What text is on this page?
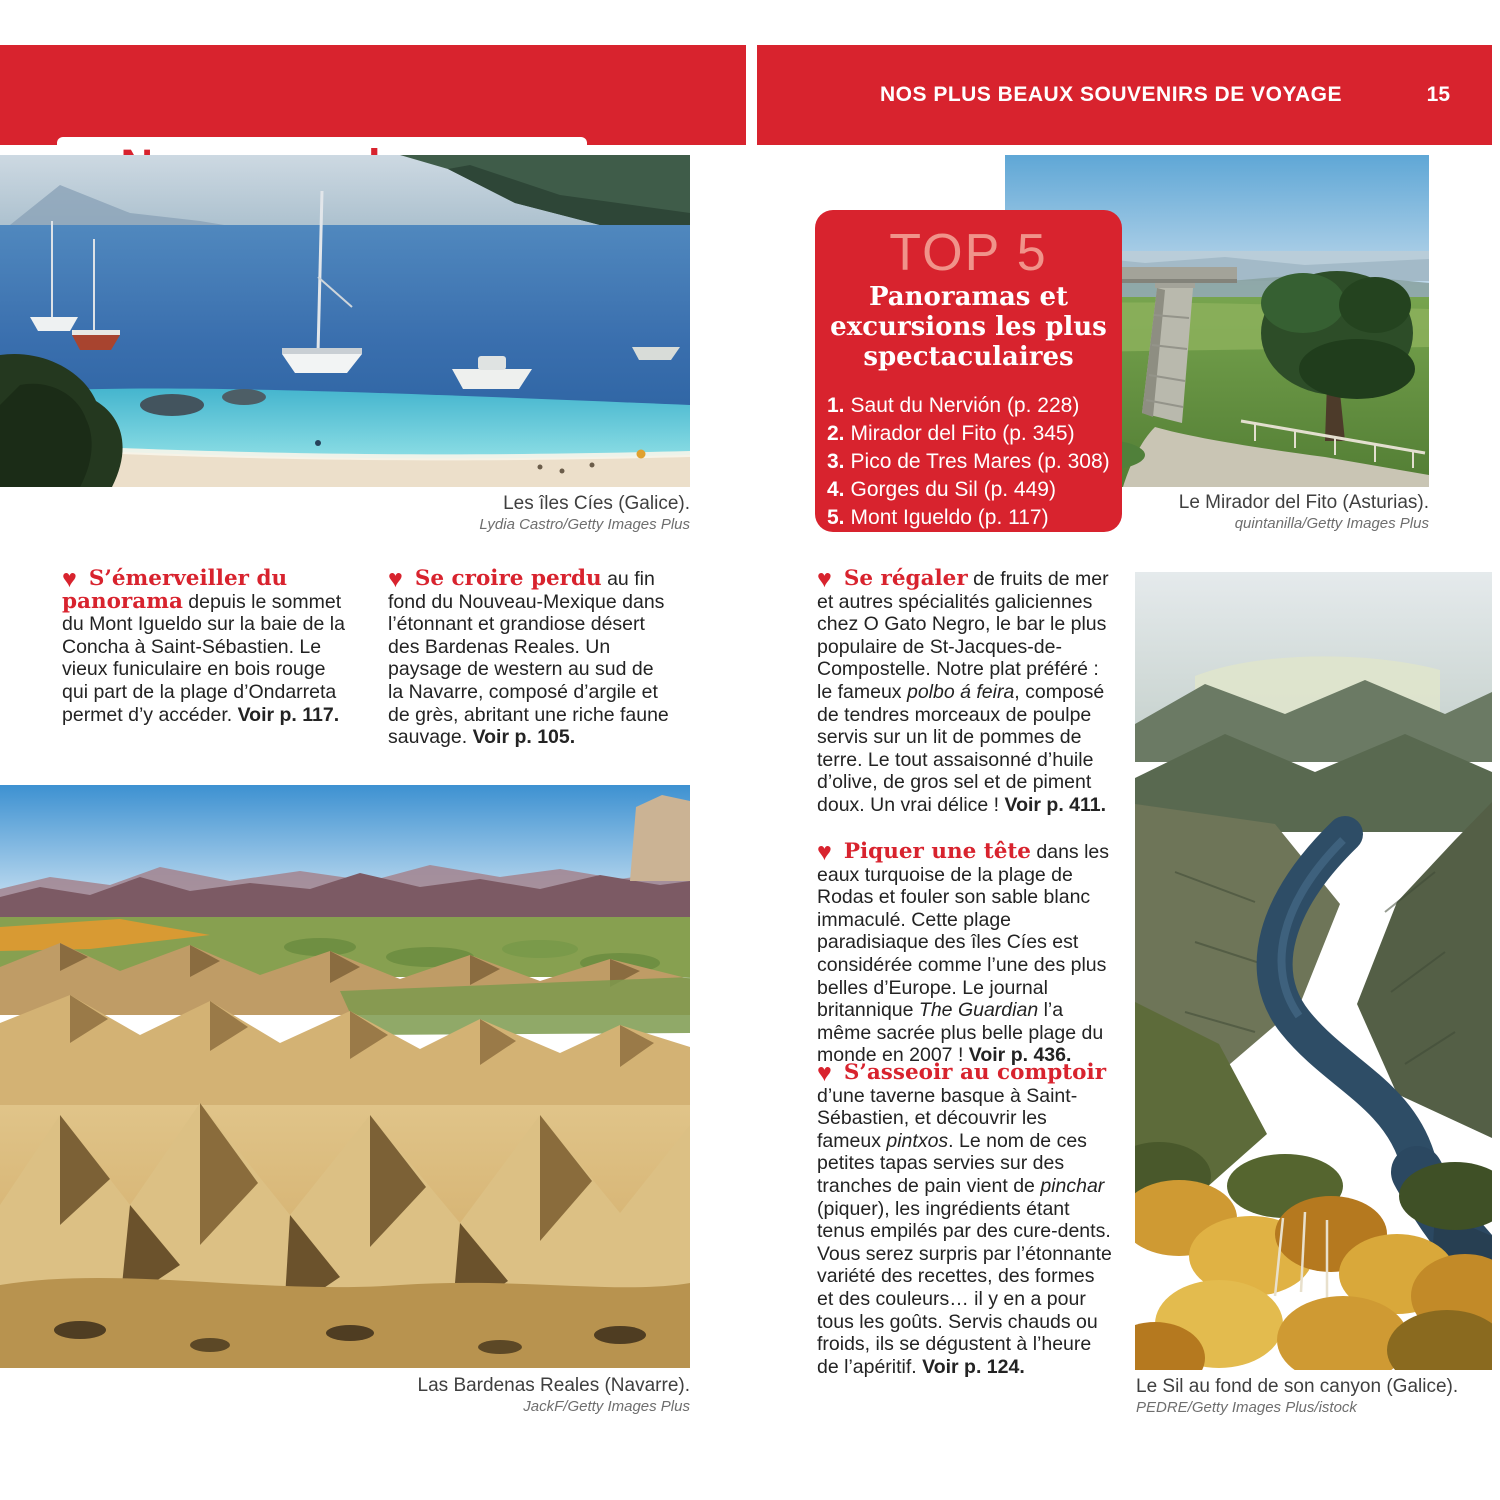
NOS PLUS BEAUX SOUVENIRS DE VOYAGE	15
Les îles Cíes (Galice).
Lydia Castro/Getty Images Plus
Le Mirador del Fito (Asturias).
quintanilla/Getty Images Plus
TOP 5
Panoramas et excursions les plus spectaculaires
1. Saut du Nervión (p. 228)
2. Mirador del Fito (p. 345)
3. Pico de Tres Mares (p. 308)
4. Gorges du Sil (p. 449)
5. Mont Igueldo (p. 117)

♥ S’émerveiller du panorama depuis le sommet du Mont Igueldo sur la baie de la Concha à Saint-Sébastien. Le vieux funiculaire en bois rouge qui part de la plage d’Ondarreta permet d’y accéder. Voir p. 117.

♥ Se croire perdu au fin fond du Nouveau-Mexique dans l’étonnant et grandiose désert des Bardenas Reales. Un paysage de western au sud de la Navarre, composé d’argile et de grès, abritant une riche faune sauvage. Voir p. 105.

♥ Se régaler de fruits de mer et autres spécialités galiciennes chez O Gato Negro, le bar le plus populaire de St-Jacques-de-Compostelle. Notre plat préféré : le fameux polbo á feira, composé de tendres morceaux de poulpe servis sur un lit de pommes de terre. Le tout assaisonné d’huile d’olive, de gros sel et de piment doux. Un vrai délice ! Voir p. 411.

♥ Piquer une tête dans les eaux turquoise de la plage de Rodas et fouler son sable blanc immaculé. Cette plage paradisiaque des îles Cíes est considérée comme l’une des plus belles d’Europe. Le journal britannique The Guardian l’a même sacrée plus belle plage du monde en 2007 ! Voir p. 436.

♥ S’asseoir au comptoir d’une taverne basque à Saint-Sébastien, et découvrir les fameux pintxos. Le nom de ces petites tapas servies sur des tranches de pain vient de pinchar (piquer), les ingrédients étant tenus empilés par des cure-dents. Vous serez surpris par l’étonnante variété des recettes, des formes et des couleurs… il y en a pour tous les goûts. Servis chauds ou froids, ils se dégustent à l’heure de l’apéritif. Voir p. 124.

Las Bardenas Reales (Navarre).
JackF/Getty Images Plus
Le Sil au fond de son canyon (Galice).
PEDRE/Getty Images Plus/istock
